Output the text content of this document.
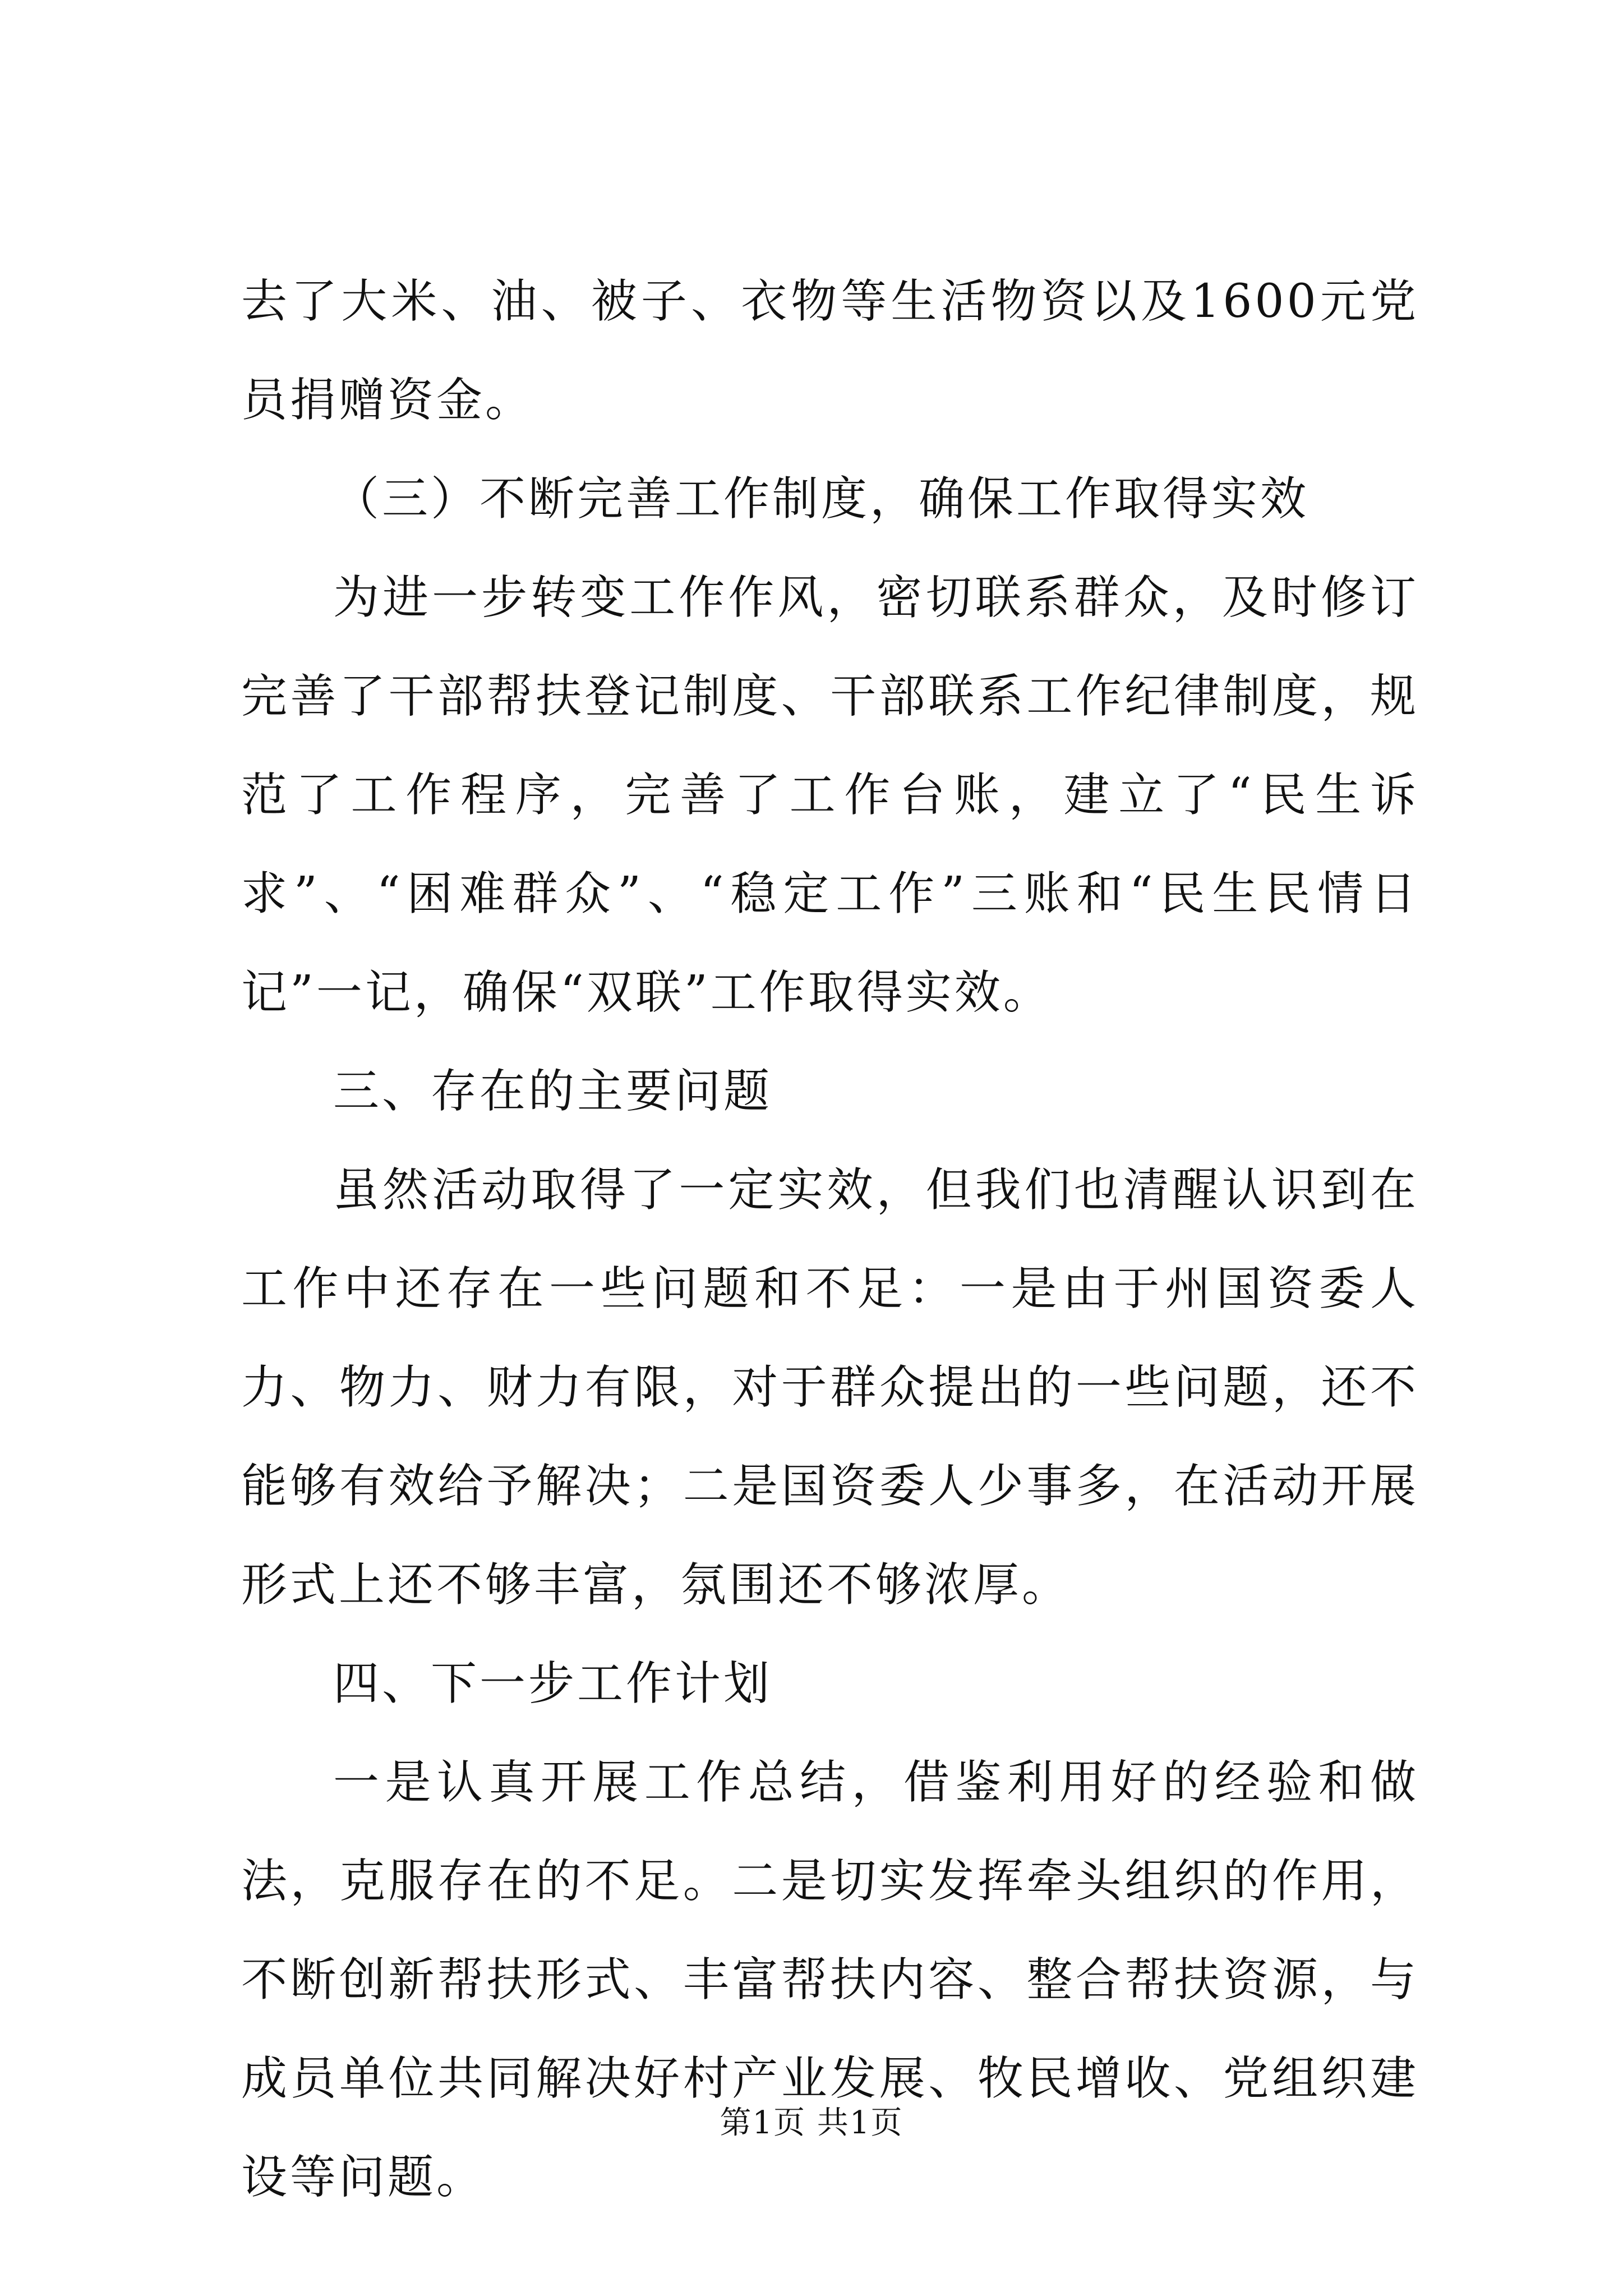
去了大米、油、被子、衣物等生活物资以及1600元党员捐赠资金。

（三）不断完善工作制度，确保工作取得实效

为进一步转变工作作风，密切联系群众，及时修订完善了干部帮扶登记制度、干部联系工作纪律制度，规范了工作程序，完善了工作台账，建立了“民生诉求”、“困难群众”、“稳定工作”三账和“民生民情日记”一记，确保“双联”工作取得实效。

三、存在的主要问题

虽然活动取得了一定实效，但我们也清醒认识到在工作中还存在一些问题和不足：一是由于州国资委人力、物力、财力有限，对于群众提出的一些问题，还不能够有效给予解决；二是国资委人少事多，在活动开展形式上还不够丰富，氛围还不够浓厚。

四、下一步工作计划

一是认真开展工作总结，借鉴利用好的经验和做法，克服存在的不足。二是切实发挥牵头组织的作用，不断创新帮扶形式、丰富帮扶内容、整合帮扶资源，与成员单位共同解决好村产业发展、牧民增收、党组织建设等问题。

第1页 共1页
